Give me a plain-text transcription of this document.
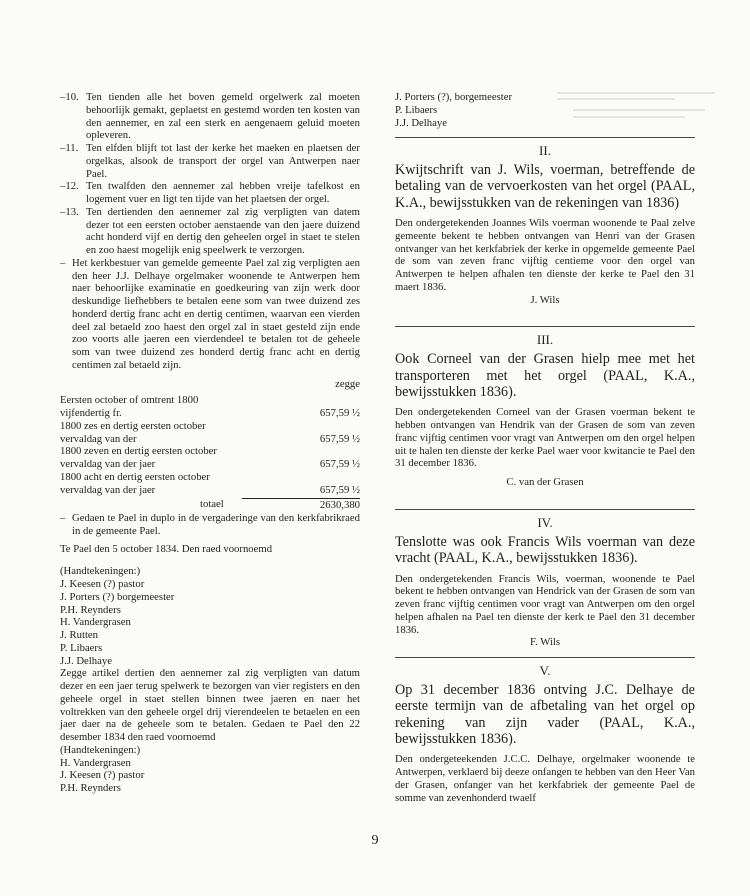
–10. Ten tienden alle het boven gemeld orgelwerk zal moeten behoorlijk gemakt, geplaetst en gestemd worden ten kosten van den aennemer, en zal een sterk en aengenaem geluid moeten opleveren.
–11. Ten elfden blijft tot last der kerke het maeken en plaetsen der orgelkas, alsook de transport der orgel van Antwerpen naer Pael.
–12. Ten twalfden den aennemer zal hebben vreije tafelkost en logement vuer en ligt ten tijde van het plaetsen der orgel.
–13. Ten dertienden den aennemer zal zig verpligten van datem dezer tot een eersten october aenstaende van den jaere duizend acht honderd vijf en dertig den geheelen orgel in staet te stelen en zoo haest mogelijk enig speelwerk te verzorgen.
– Het kerkbestuer van gemelde gemeente Pael zal zig verpligten aen den heer J.J. Delhaye orgelmaker woonende te Antwerpen hem naer behoorlijke examinatie en goedkeuring van zijn werk door deskundige liefhebbers te betalen eene som van twee duizend zes honderd dertig franc acht en dertig centimen, waarvan een vierden deel zal betaeld zoo haest den orgel zal in staet gesteld zijn ende zoo voorts alle jaeren een vierdendeel te betalen tot de geheele som van twee duizend zes honderd dertig franc acht en dertig centimen zal betaeld zijn.
zegge
Eersten october of omtrent 1800
vijfendertig fr.	657,59 ½
1800 zes en dertig eersten october
vervaldag van der	657,59 ½
1800 zeven en dertig eersten october
vervaldag van der jaer	657,59 ½
1800 acht en dertig eersten october
vervaldag van der jaer	657,59 ½
totael	2630,380
– Gedaen te Pael in duplo in de vergaderinge van den kerkfabrikraed in de gemeente Pael.

Te Pael den 5 october 1834. Den raed voornoemd

(Handtekeningen:)
J. Keesen (?) pastor
J. Porters (?) borgemeester
P.H. Reynders
H. Vandergrasen
J. Rutten
P. Libaers
J.J. Delhaye

Zegge artikel dertien den aennemer zal zig verpligten van datum dezer en een jaer terug spelwerk te bezorgen van vier registers en den geheele orgel in staet stellen binnen twee jaeren en naer het voltrekken van den geheele orgel drij vierendeelen te betaelen en een jaer daer na de geheele som te betalen. Gedaen te Pael den 22 desember 1834 den raed voornoemd

(Handtekeningen:)
H. Vandergrasen
J. Keesen (?) pastor
P.H. Reynders
J. Porters (?), borgemeester
P. Libaers
J.J. Delhaye

II.

Kwijtschrift van J. Wils, voerman, betreffende de betaling van de vervoerkosten van het orgel (PAAL, K.A., bewijsstukken van de rekeningen van 1836)

Den ondergetekenden Joannes Wils voerman woonende te Paal zelve gemeente bekent te hebben ontvangen van Henri van der Grasen ontvanger van het kerkfabriek der kerke in opgemelde gemeente Pael de som van zeven franc vijftig centieme voor den orgel van Antwerpen te helpen afhalen ten dienste der kerke te Pael den 31 maert 1836.

J. Wils

III.

Ook Corneel van der Grasen hielp mee met het transporteren met het orgel (PAAL, K.A., bewijsstukken 1836).

Den ondergetekenden Corneel van der Grasen voerman bekent te hebben ontvangen van Hendrik van der Grasen de som van zeven franc vijftig centimen voor vragt van Antwerpen om den orgel helpen uit te halen ten dienste der kerke Pael waer voor kwitancie te Pael den 31 december 1836.

C. van der Grasen

IV.

Tenslotte was ook Francis Wils voerman van deze vracht (PAAL, K.A., bewijsstukken 1836).

Den ondergetekenden Francis Wils, voerman, woonende te Pael bekent te hebben ontvangen van Hendrick van der Grasen de som van zeven franc vijftig centimen voor vragt van Antwerpen om den orgel helpen afhalen na Pael ten dienste der kerk te Pael den 31 december 1836.

F. Wils

V.

Op 31 december 1836 ontving J.C. Delhaye de eerste termijn van de afbetaling van het orgel op rekening van zijn vader (PAAL, K.A., bewijsstukken 1836).

Den ondergeteekenden J.C.C. Delhaye, orgelmaker woonende te Antwerpen, verklaerd bij deeze onfangen te hebben van den Heer Van der Grasen, onfanger van het kerkfabriek der gemeente Pael de somme van zevenhonderd twaelf

9
